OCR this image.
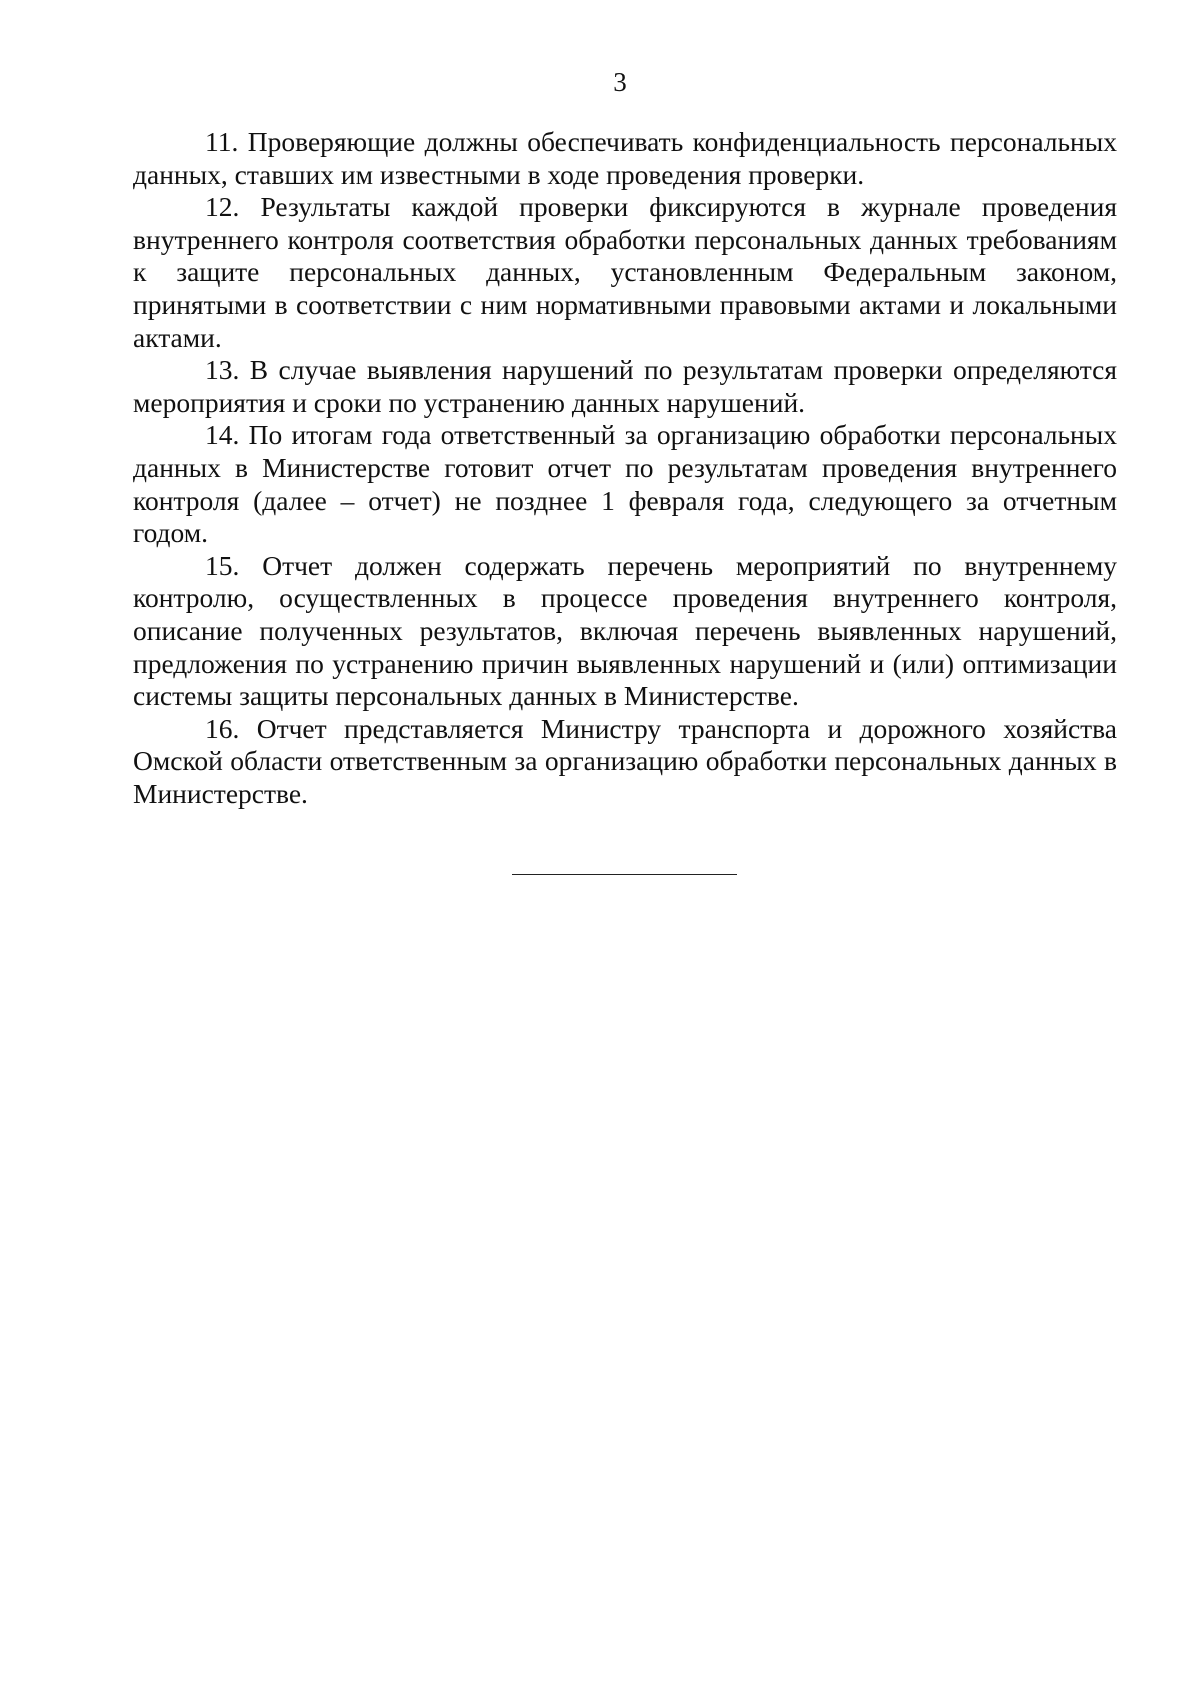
3

11. Проверяющие должны обеспечивать конфиденциальность персональных данных, ставших им известными в ходе проведения проверки.

12. Результаты каждой проверки фиксируются в журнале проведения внутреннего контроля соответствия обработки персональных данных требованиям к защите персональных данных, установленным Федеральным законом, принятыми в соответствии с ним нормативными правовыми актами и локальными актами.

13. В случае выявления нарушений по результатам проверки определяются мероприятия и сроки по устранению данных нарушений.

14. По итогам года ответственный за организацию обработки персональных данных в Министерстве готовит отчет по результатам проведения внутреннего контроля (далее – отчет) не позднее 1 февраля года, следующего за отчетным годом.

15. Отчет должен содержать перечень мероприятий по внутреннему контролю, осуществленных в процессе проведения внутреннего контроля, описание полученных результатов, включая перечень выявленных нарушений, предложения по устранению причин выявленных нарушений и (или) оптимизации системы защиты персональных данных в Министерстве.

16. Отчет представляется Министру транспорта и дорожного хозяйства Омской области ответственным за организацию обработки персональных данных в Министерстве.
